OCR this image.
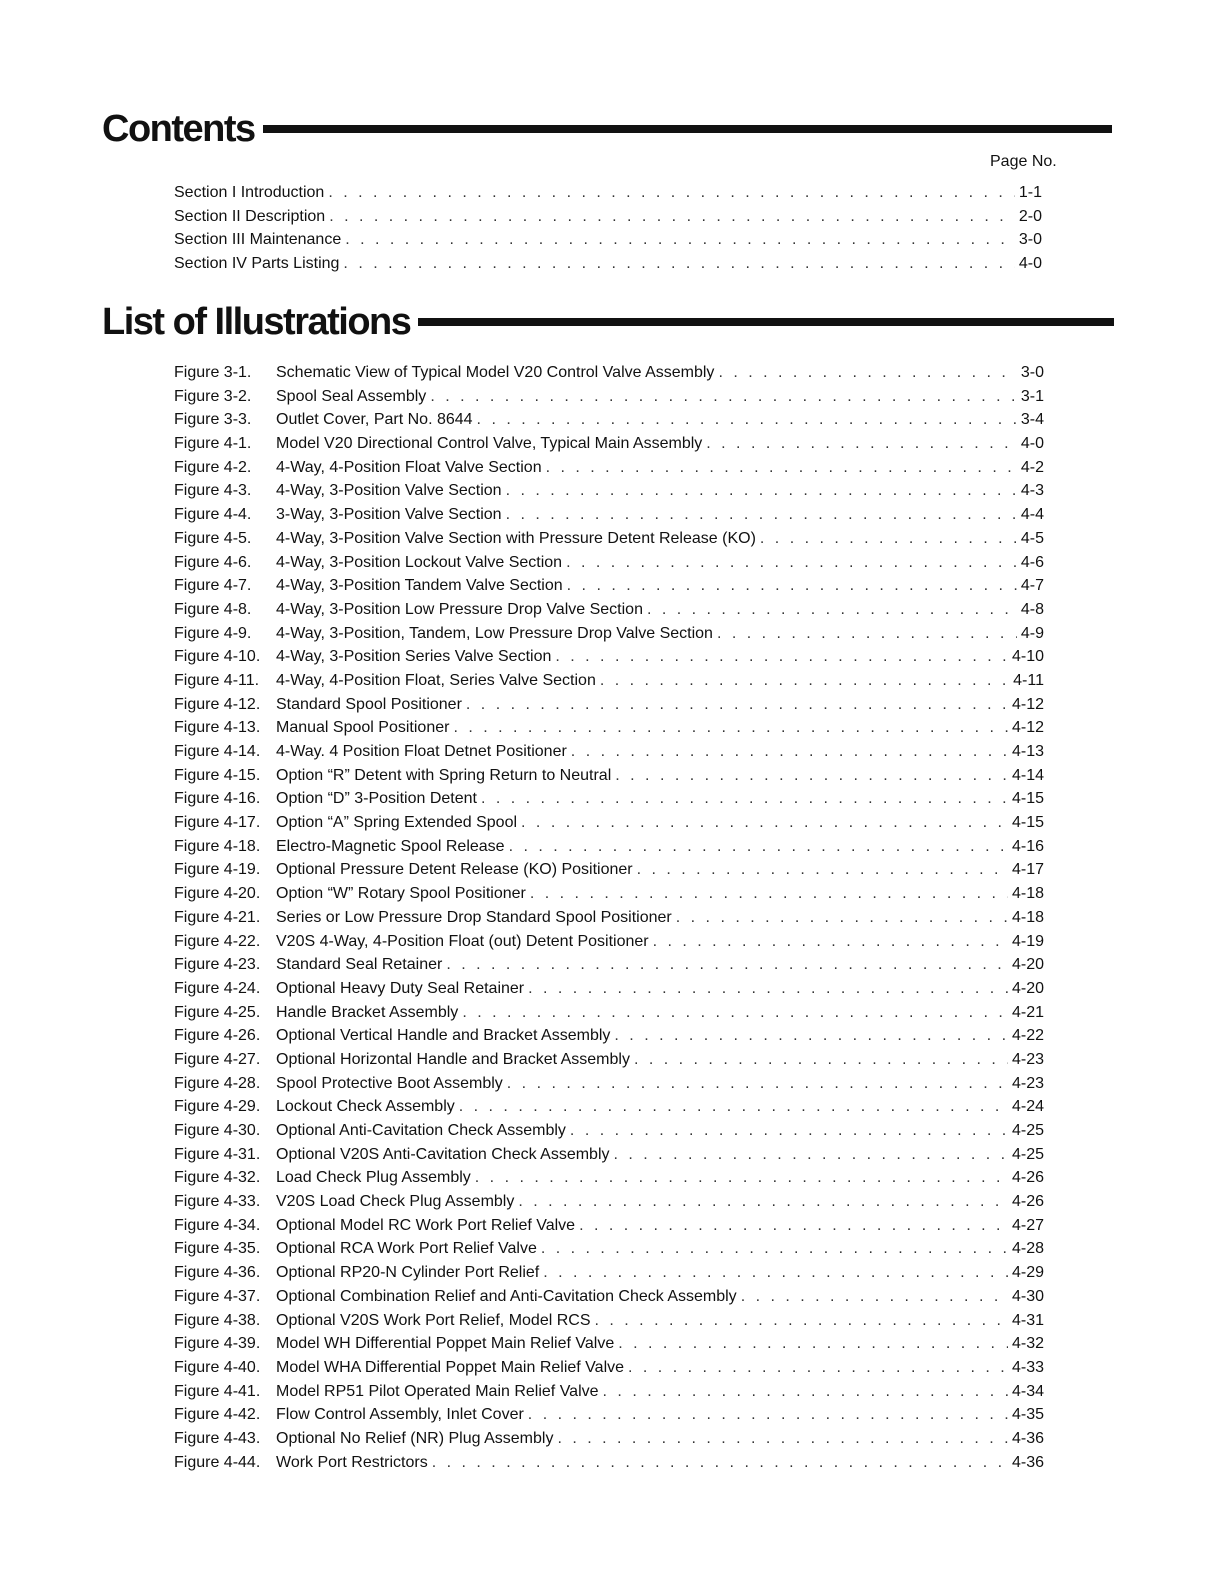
Contents
Page No.
Section I Introduction . . .	1-1
Section II Description . . .	2-0
Section III Maintenance . . .	3-0
Section IV Parts Listing . . .	4-0
List of Illustrations
Figure 3-1. Schematic View of Typical Model V20 Control Valve Assembly . . .	3-0
Figure 3-2. Spool Seal Assembly . . .	3-1
Figure 3-3. Outlet Cover, Part No. 8644 . . .	3-4
Figure 4-1. Model V20 Directional Control Valve, Typical Main Assembly . . .	4-0
Figure 4-2. 4-Way, 4-Position Float Valve Section . . .	4-2
Figure 4-3. 4-Way, 3-Position Valve Section . . .	4-3
Figure 4-4. 3-Way, 3-Position Valve Section . . .	4-4
Figure 4-5. 4-Way, 3-Position Valve Section with Pressure Detent Release (KO) . . .	4-5
Figure 4-6. 4-Way, 3-Position Lockout Valve Section . . .	4-6
Figure 4-7. 4-Way, 3-Position Tandem Valve Section . . .	4-7
Figure 4-8. 4-Way, 3-Position Low Pressure Drop Valve Section . . .	4-8
Figure 4-9. 4-Way, 3-Position, Tandem, Low Pressure Drop Valve Section . . .	4-9
Figure 4-10. 4-Way, 3-Position Series Valve Section . . .	4-10
Figure 4-11. 4-Way, 4-Position Float, Series Valve Section . . .	4-11
Figure 4-12. Standard Spool Positioner . . .	4-12
Figure 4-13. Manual Spool Positioner . . .	4-12
Figure 4-14. 4-Way. 4 Position Float Detnet Positioner . . .	4-13
Figure 4-15. Option “R” Detent with Spring Return to Neutral . . .	4-14
Figure 4-16. Option “D” 3-Position Detent . . .	4-15
Figure 4-17. Option “A” Spring Extended Spool . . .	4-15
Figure 4-18. Electro-Magnetic Spool Release . . .	4-16
Figure 4-19. Optional Pressure Detent Release (KO) Positioner . . .	4-17
Figure 4-20. Option “W” Rotary Spool Positioner . . .	4-18
Figure 4-21. Series or Low Pressure Drop Standard Spool Positioner . . .	4-18
Figure 4-22. V20S 4-Way, 4-Position Float (out) Detent Positioner . . .	4-19
Figure 4-23. Standard Seal Retainer . . .	4-20
Figure 4-24. Optional Heavy Duty Seal Retainer . . .	4-20
Figure 4-25. Handle Bracket Assembly . . .	4-21
Figure 4-26. Optional Vertical Handle and Bracket Assembly . . .	4-22
Figure 4-27. Optional Horizontal Handle and Bracket Assembly . . .	4-23
Figure 4-28. Spool Protective Boot Assembly . . .	4-23
Figure 4-29. Lockout Check Assembly . . .	4-24
Figure 4-30. Optional Anti-Cavitation Check Assembly . . .	4-25
Figure 4-31. Optional V20S Anti-Cavitation Check Assembly . . .	4-25
Figure 4-32. Load Check Plug Assembly . . .	4-26
Figure 4-33. V20S Load Check Plug Assembly . . .	4-26
Figure 4-34. Optional Model RC Work Port Relief Valve . . .	4-27
Figure 4-35. Optional RCA Work Port Relief Valve . . .	4-28
Figure 4-36. Optional RP20-N Cylinder Port Relief . . .	4-29
Figure 4-37. Optional Combination Relief and Anti-Cavitation Check Assembly . . .	4-30
Figure 4-38. Optional V20S Work Port Relief, Model RCS . . .	4-31
Figure 4-39. Model WH Differential Poppet Main Relief Valve . . .	4-32
Figure 4-40. Model WHA Differential Poppet Main Relief Valve . . .	4-33
Figure 4-41. Model RP51 Pilot Operated Main Relief Valve . . .	4-34
Figure 4-42. Flow Control Assembly, Inlet Cover . . .	4-35
Figure 4-43. Optional No Relief (NR) Plug Assembly . . .	4-36
Figure 4-44. Work Port Restrictors . . .	4-36
